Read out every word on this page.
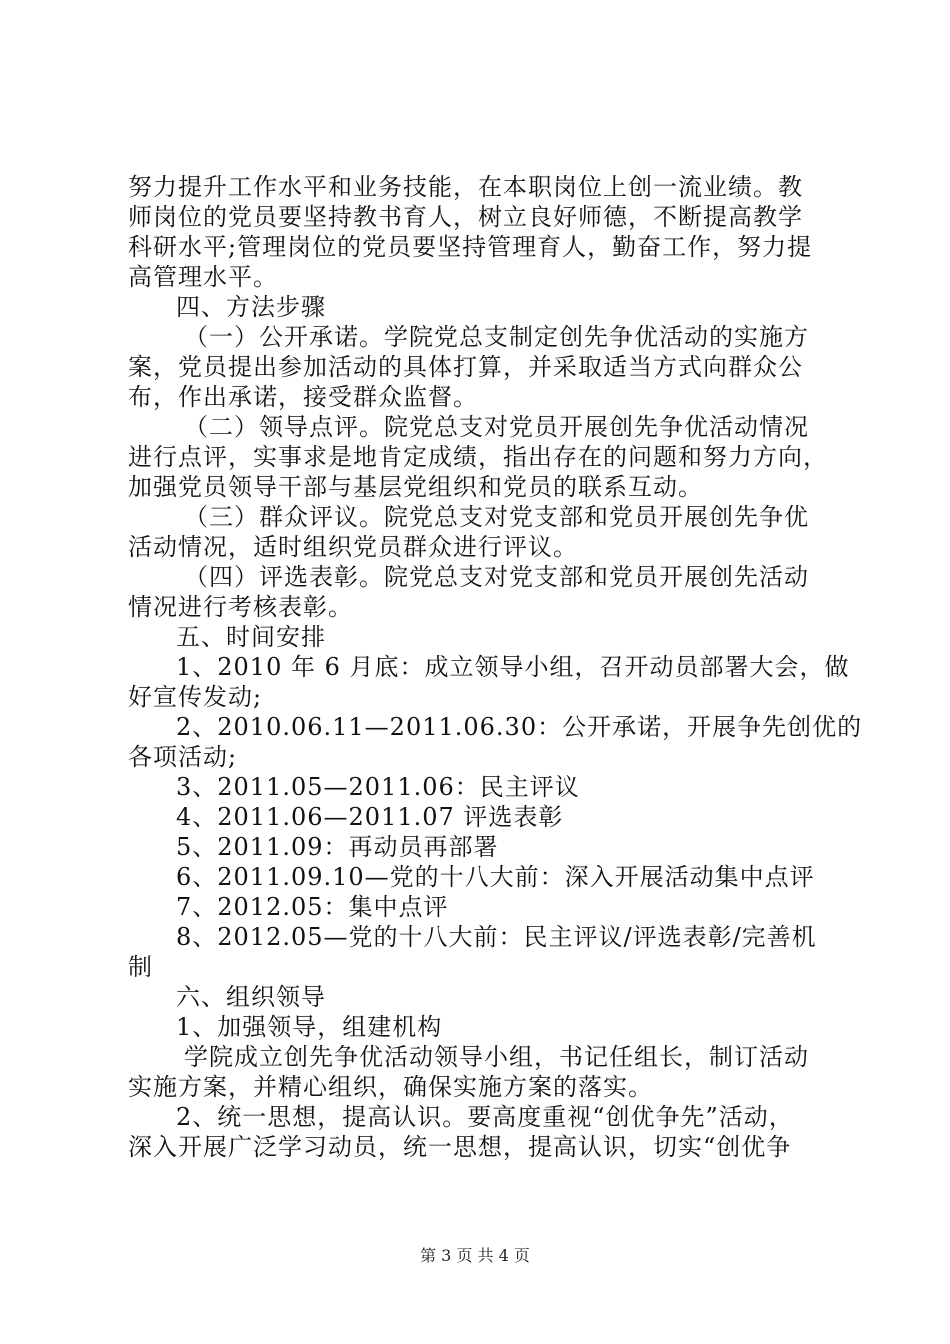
努力提升工作水平和业务技能，在本职岗位上创一流业绩。教
师岗位的党员要坚持教书育人，树立良好师德，不断提高教学
科研水平;管理岗位的党员要坚持管理育人，勤奋工作，努力提
高管理水平。
四、方法步骤
（一）公开承诺。学院党总支制定创先争优活动的实施方
案，党员提出参加活动的具体打算，并采取适当方式向群众公
布，作出承诺，接受群众监督。
（二）领导点评。院党总支对党员开展创先争优活动情况
进行点评，实事求是地肯定成绩，指出存在的问题和努力方向，
加强党员领导干部与基层党组织和党员的联系互动。
（三）群众评议。院党总支对党支部和党员开展创先争优
活动情况，适时组织党员群众进行评议。
（四）评选表彰。院党总支对党支部和党员开展创先活动
情况进行考核表彰。
五、时间安排
1、2010 年 6 月底：成立领导小组，召开动员部署大会，做
好宣传发动;
2、2010.06.11—2011.06.30：公开承诺，开展争先创优的
各项活动;
3、2011.05—2011.06：民主评议
4、2011.06—2011.07 评选表彰
5、2011.09：再动员再部署
6、2011.09.10—党的十八大前：深入开展活动集中点评
7、2012.05：集中点评
8、2012.05—党的十八大前：民主评议/评选表彰/完善机
制
六、组织领导
1、加强领导，组建机构
学院成立创先争优活动领导小组，书记任组长，制订活动
实施方案，并精心组织，确保实施方案的落实。
2、统一思想，提高认识。要高度重视“创优争先”活动，
深入开展广泛学习动员，统一思想，提高认识，切实“创优争
第 3 页 共 4 页
